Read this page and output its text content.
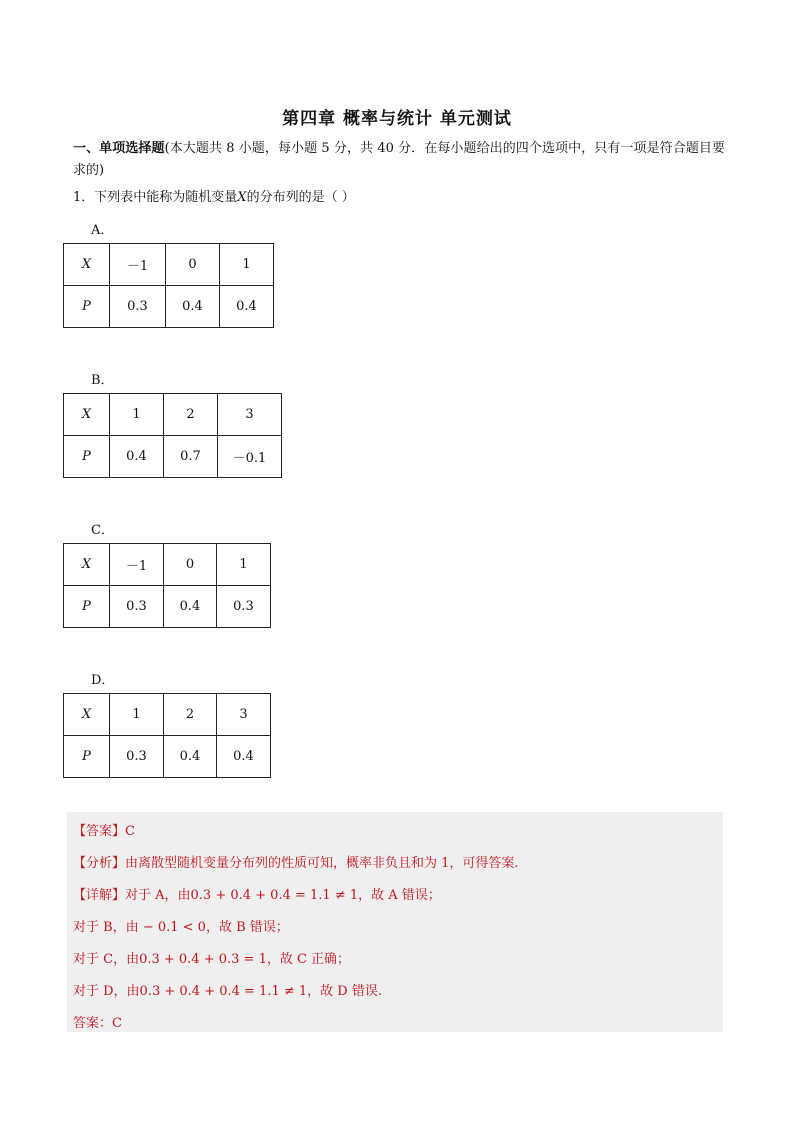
第四章 概率与统计 单元测试
一、单项选择题(本大题共 8 小题，每小题 5 分，共 40 分．在每小题给出的四个选项中，只有一项是符合题目要求的)
1．下列表中能称为随机变量X的分布列的是（ ）
A．
X	－1	0	1
P	0.3	0.4	0.4
B．
X	1	2	3
P	0.4	0.7	－0.1
C．
X	－1	0	1
P	0.3	0.4	0.3
D．
X	1	2	3
P	0.3	0.4	0.4
【答案】C
【分析】由离散型随机变量分布列的性质可知，概率非负且和为 1，可得答案.
【详解】对于 A，由0.3 + 0.4 + 0.4 = 1.1 ≠ 1，故 A 错误；
对于 B，由 − 0.1 < 0，故 B 错误；
对于 C，由0.3 + 0.4 + 0.3 = 1，故 C 正确；
对于 D，由0.3 + 0.4 + 0.4 = 1.1 ≠ 1，故 D 错误.
答案：C
